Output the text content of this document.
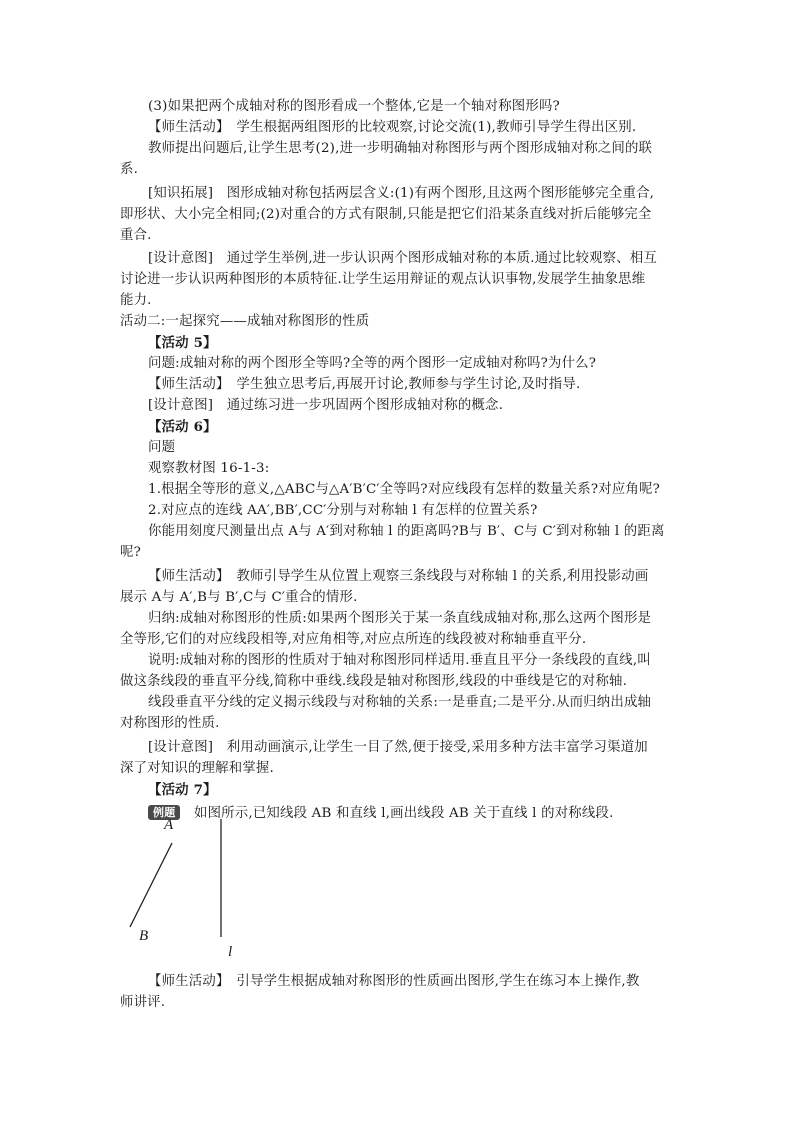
(3)如果把两个成轴对称的图形看成一个整体,它是一个轴对称图形吗?
【师生活动】　学生根据两组图形的比较观察,讨论交流(1),教师引导学生得出区别.
教师提出问题后,让学生思考(2),进一步明确轴对称图形与两个图形成轴对称之间的联
系.
[知识拓展]　图形成轴对称包括两层含义:(1)有两个图形,且这两个图形能够完全重合,
即形状、大小完全相同;(2)对重合的方式有限制,只能是把它们沿某条直线对折后能够完全
重合.
[设计意图]　通过学生举例,进一步认识两个图形成轴对称的本质.通过比较观察、相互
讨论进一步认识两种图形的本质特征.让学生运用辩证的观点认识事物,发展学生抽象思维
能力.
活动二:一起探究——成轴对称图形的性质
【活动 5】
问题:成轴对称的两个图形全等吗?全等的两个图形一定成轴对称吗?为什么?
【师生活动】　学生独立思考后,再展开讨论,教师参与学生讨论,及时指导.
[设计意图]　通过练习进一步巩固两个图形成轴对称的概念.
【活动 6】
问题
观察教材图 16-1-3:
1.根据全等形的意义,△ABC与△A′B′C′全等吗?对应线段有怎样的数量关系?对应角呢?
2.对应点的连线 AA′,BB′,CC′分别与对称轴 l 有怎样的位置关系?
你能用刻度尺测量出点 A与 A′到对称轴 l 的距离吗?B与 B′、C与 C′到对称轴 l 的距离
呢?
【师生活动】　教师引导学生从位置上观察三条线段与对称轴 l 的关系,利用投影动画
展示 A与 A′,B与 B′,C与 C′重合的情形.
归纳:成轴对称图形的性质:如果两个图形关于某一条直线成轴对称,那么这两个图形是
全等形,它们的对应线段相等,对应角相等,对应点所连的线段被对称轴垂直平分.
说明:成轴对称的图形的性质对于轴对称图形同样适用.垂直且平分一条线段的直线,叫
做这条线段的垂直平分线,简称中垂线.线段是轴对称图形,线段的中垂线是它的对称轴.
线段垂直平分线的定义揭示线段与对称轴的关系:一是垂直;二是平分.从而归纳出成轴
对称图形的性质.
[设计意图]　利用动画演示,让学生一目了然,便于接受,采用多种方法丰富学习渠道加
深了对知识的理解和掌握.
【活动 7】
例题　如图所示,已知线段 AB 和直线 l,画出线段 AB 关于直线 l 的对称线段.
A
B
l
【师生活动】　引导学生根据成轴对称图形的性质画出图形,学生在练习本上操作,教
师讲评.
